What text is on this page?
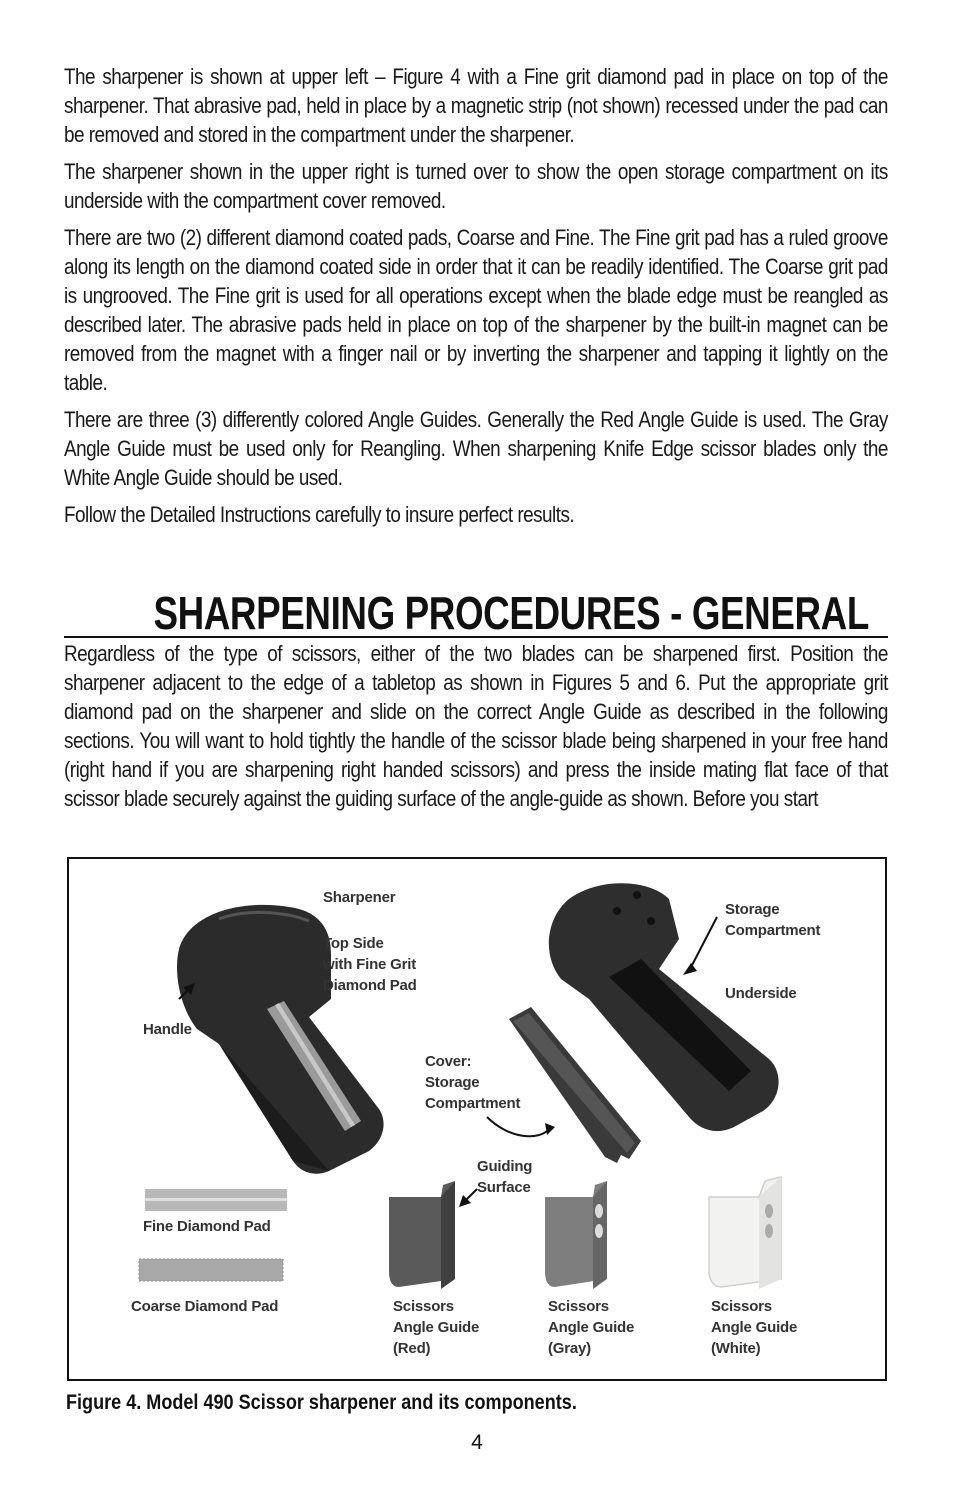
The sharpener is shown at upper left – Figure 4 with a Fine grit diamond pad in place on top of the sharpener. That abrasive pad, held in place by a magnetic strip (not shown) recessed under the pad can be removed and stored in the compartment under the sharpener.

The sharpener shown in the upper right is turned over to show the open storage compartment on its underside with the compartment cover removed.

There are two (2) different diamond coated pads, Coarse and Fine. The Fine grit pad has a ruled groove along its length on the diamond coated side in order that it can be readily identified. The Coarse grit pad is ungrooved. The Fine grit is used for all operations except when the blade edge must be reangled as described later. The abrasive pads held in place on top of the sharpener by the built-in magnet can be removed from the magnet with a finger nail or by inverting the sharpener and tapping it lightly on the table.

There are three (3) differently colored Angle Guides. Generally the Red Angle Guide is used. The Gray Angle Guide must be used only for Reangling. When sharpening Knife Edge scissor blades only the White Angle Guide should be used.

Follow the Detailed Instructions carefully to insure perfect results.

SHARPENING PROCEDURES - GENERAL

Regardless of the type of scissors, either of the two blades can be sharpened first. Position the sharpener adjacent to the edge of a tabletop as shown in Figures 5 and 6. Put the appropriate grit diamond pad on the sharpener and slide on the correct Angle Guide as described in the following sections. You will want to hold tightly the handle of the scissor blade being sharpened in your free hand (right hand if you are sharpening right handed scissors) and press the inside mating flat face of that scissor blade securely against the guiding surface of the angle-guide as shown. Before you start

Sharpener
Top Side
with Fine Grit
Diamond Pad
Handle
Storage
Compartment
Underside
Cover:
Storage
Compartment
Guiding
Surface
Fine Diamond Pad
Coarse Diamond Pad	Scissors
Angle Guide
(Red)
Scissors
Angle Guide
(Gray)
Scissors
Angle Guide
(White)
Figure 4. Model 490 Scissor sharpener and its components.
4
